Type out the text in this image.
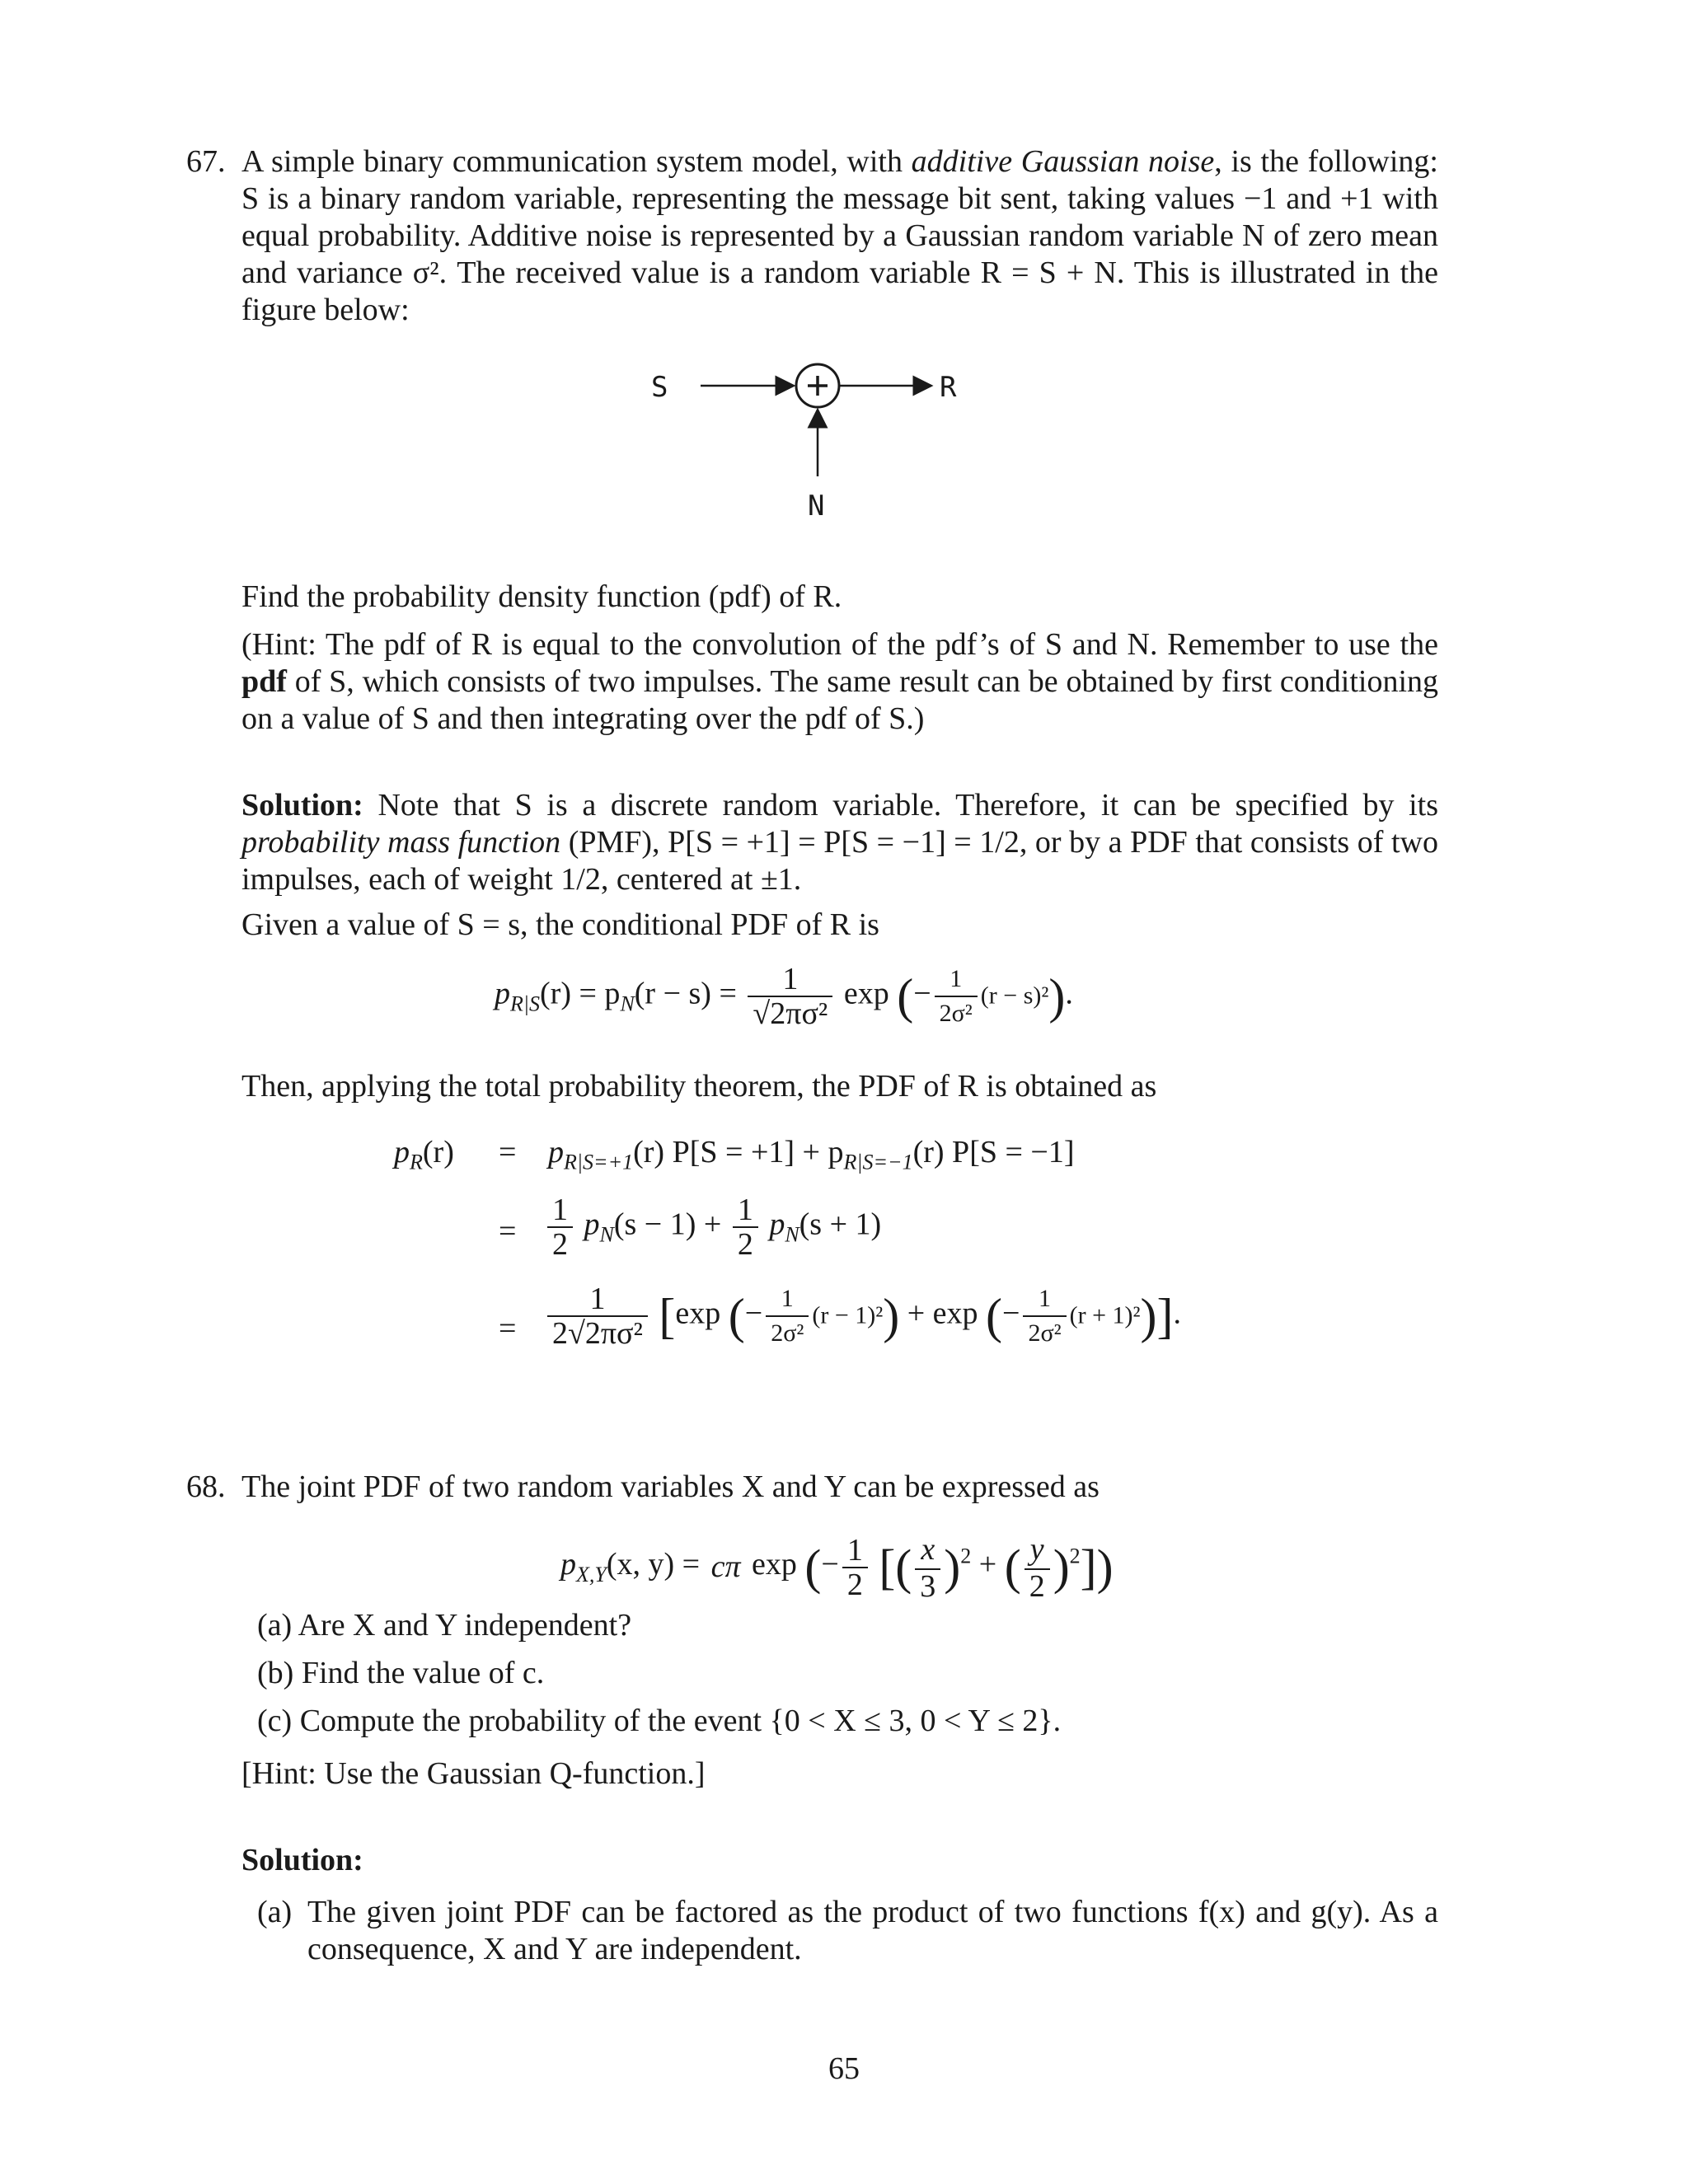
67. A simple binary communication system model, with additive Gaussian noise, is the following: S is a binary random variable, representing the message bit sent, taking values −1 and +1 with equal probability. Additive noise is represented by a Gaussian random variable N of zero mean and variance σ². The received value is a random variable R = S + N. This is illustrated in the figure below:
S	R
N
Find the probability density function (pdf) of R.
(Hint: The pdf of R is equal to the convolution of the pdf’s of S and N. Remember to use the pdf of S, which consists of two impulses. The same result can be obtained by first conditioning on a value of S and then integrating over the pdf of S.)
Solution: Note that S is a discrete random variable. Therefore, it can be specified by its probability mass function (PMF), P[S = +1] = P[S = −1] = 1/2, or by a PDF that consists of two impulses, each of weight 1/2, centered at ±1.
Given a value of S = s, the conditional PDF of R is
$p_{R|S}(r) = p_N(r - s) = \frac{1}{\text{√2πσ²}}$ exp (− $\frac{1}{\text{2σ²}} (r - s)^2$).
Then, applying the total probability theorem, the PDF of R is obtained as
$p_R(r) = p_{R|S=+1}(r) P[S = +1] + p_{R|S=-1}(r) P[S = -1]$
= $\frac{1}{2} p_N(s - 1) + \frac{1}{2} p_N(s + 1)$
= $\frac{1}{\text{2√2πσ²}} [\exp$ (− $\frac{1}{\text{2σ²}} (r - 1)^2) + \exp$ (− $\frac{1}{\text{2σ²}} (r + 1)^2$)].
68. The joint PDF of two random variables X and Y can be expressed as
$p_{X,Y}(x$, y) = cπ exp (− $\frac{1}{2}$ [( $\frac{x}{3} )^2$ + ( $\frac{y}{2} )^2$])
(a) Are X and Y independent?
(b) Find the value of c.
(c) Compute the probability of the event {0 < X ≤ 3, 0 < Y ≤ 2}.
[Hint: Use the Gaussian Q-function.]
Solution:
(a) The given joint PDF can be factored as the product of two functions f(x) and g(y). As a consequence, X and Y are independent.
65
